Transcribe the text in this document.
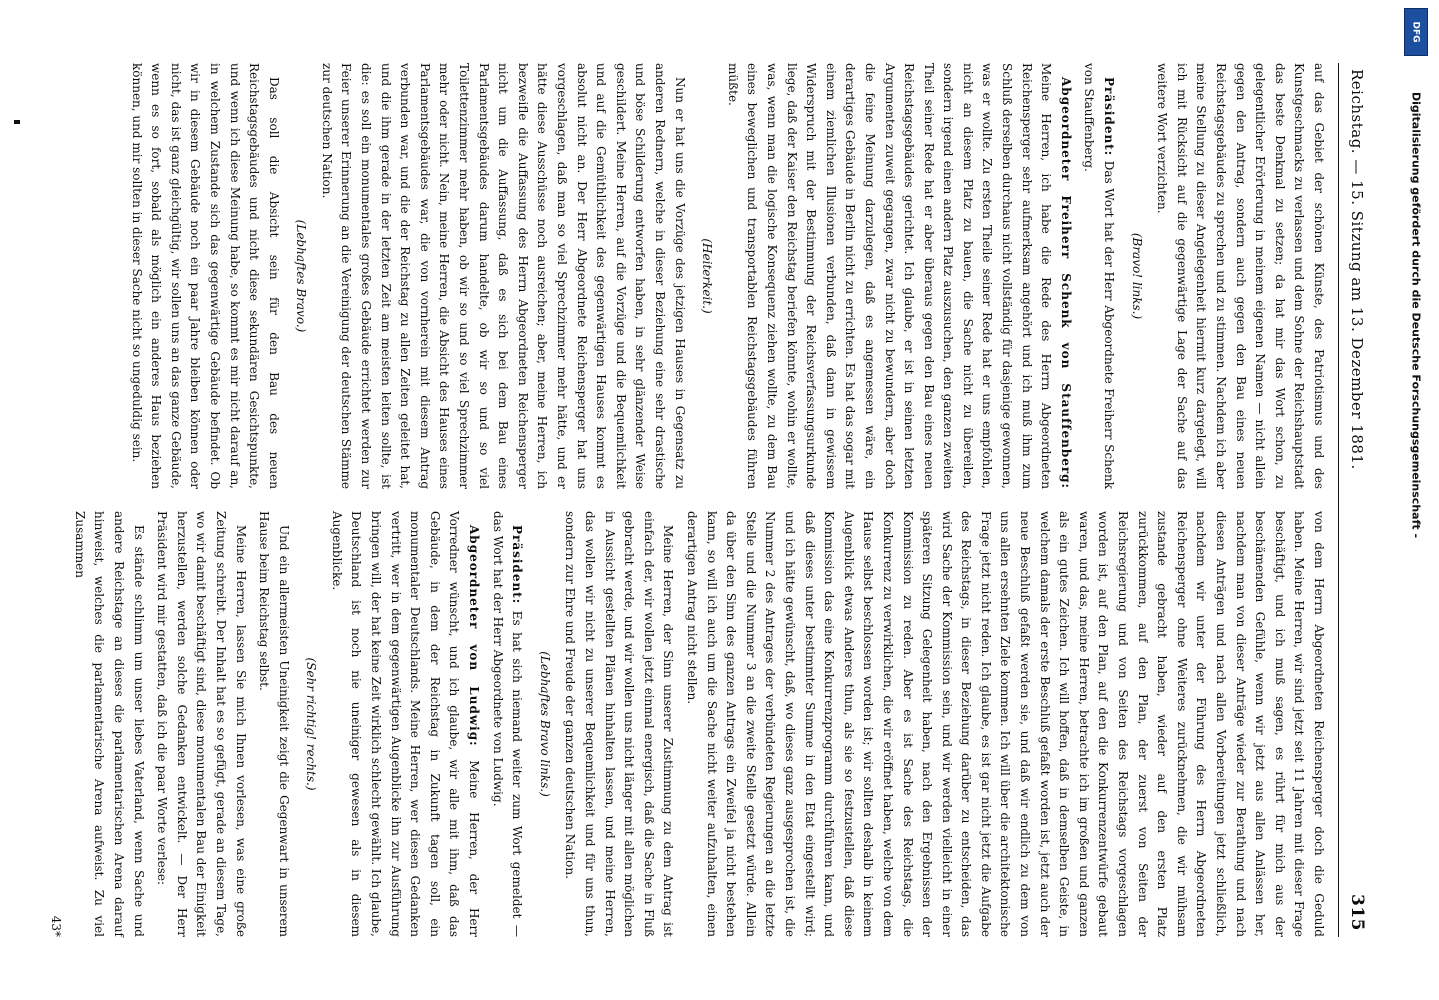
Reichstag. — 15. Sitzung am 13. Dezember 1881.
315

auf das Gebiet der schönen Künste, des Patriotismus und des Kunstgeschmacks zu verlassen und dem Sohne der Reichshauptstadt das beste Denkmal zu setzen; da hat mir das Wort schon, zu gelegentlicher Erörterung in meinem eigenen Namen — nicht allein gegen den Antrag, sondern auch gegen den Bau eines neuen Reichstagsgebäudes zu sprechen und zu stimmen. Nachdem ich aber meine Stellung zu dieser Angelegenheit hiermit kurz dargelegt, will ich mit Rücksicht auf die gegenwärtige Lage der Sache auf das weitere Wort verzichten.

(Bravo! links.)

Präsident: Das Wort hat der Herr Abgeordnete Freiherr Schenk von Stauffenberg.

Abgeordneter Freiherr Schenk von Stauffenberg: Meine Herren, ich habe die Rede des Herrn Abgeordneten Reichensperger sehr aufmerksam angehört und ich muß ihm zum Schluß derselben durchaus nicht vollständig für dasjenige gewonnen, was er wollte. Zu ersten Theile seiner Rede hat er uns empfohlen, nicht an diesem Platz zu bauen, die Sache nicht zu übereilen, sondern irgend einen andern Platz auszusuchen, den ganzen zweiten Theil seiner Rede hat er aber überaus gegen den Bau eines neuen Reichstagsgebäudes gerichtet. Ich glaube, er ist in seinen letzten Argumenten zuweit gegangen, zwar nicht zu bewundern, aber doch die feine Meinung darzulegen, daß es angemessen wäre, ein derartiges Gebäude in Berlin nicht zu errichten. Es hat das sogar mit einem ziemlichen Illusionen verbunden, daß dann in gewissem Widerspruch mit der Bestimmung der Reichsverfassungsurkunde liege, daß der Kaiser den Reichstag beriefen könnte, wohin er wollte, was, wenn man die logische Konsequenz ziehen wollte, zu dem Bau eines beweglichen und transportablen Reichstagsgebäudes führen müßte.

(Heiterkeit.)

Nun er hat uns die Vorzüge des jetzigen Hauses in Gegensatz zu anderen Rednern, welche in dieser Beziehung eine sehr drastische und böse Schilderung entworfen haben, in sehr glänzender Weise geschildert. Meine Herren, auf die Vorzüge und die Bequemlichkeit und auf die Gemüthlichkeit des gegenwärtigen Hauses kommt es absolut nicht an. Der Herr Abgeordnete Reichensperger hat uns vorgeschlagen, daß man so viel Sprechzimmer mehr hätte, und er hätte diese Ausschüsse noch ausreichen; aber, meine Herren, ich bezweifle die Auffassung des Herrn Abgeordneten Reichensperger nicht um die Auffassung, daß es sich bei dem Bau eines Parlamentsgebäudes darum handelte, ob wir so und so viel Toilettenzimmer mehr haben, ob wir so und so viel Sprechzimmer mehr oder nicht. Nein, meine Herren, die Absicht des Hauses eines Parlamentsgebäudes war, die von vornherein mit diesem Antrag verbunden war, und die der Reichstag zu allen Zeiten geleitet hat, und die ihm gerade in der letzten Zeit am meisten leiten sollte, ist die: es soll ein monumentales großes Gebäude errichtet werden zur Feier unserer Erinnerung an die Vereinigung der deutschen Stämme zur deutschen Nation.

(Lebhaftes Bravo.)

Das soll die Absicht sein für den Bau des neuen Reichstagsgebäudes und nicht diese sekundären Gesichtspunkte, und wenn ich diese Meinung habe, so kommt es mir nicht darauf an, in welchem Zustande sich das gegenwärtige Gebäude befindet. Ob wir in diesem Gebäude noch ein paar Jahre bleiben können oder nicht, das ist ganz gleichgültig, wir sollen uns an das ganze Gebäude, wenn es so fort, sobald als möglich ein anderes Haus beziehen können, und mir sollten in dieser Sache nicht so ungeduldig sein.

von dem Herrn Abgeordneten Reichensperger doch die Geduld haben. Meine Herren, wir sind jetzt seit 11 Jahren mit dieser Frage beschäftigt, und ich muß sagen, es rührt für mich aus der beschämenden Gefühle, wenn wir jetzt aus allen Anlässen her, nachdem man von dieser Anträge wieder zur Berathung und nach diesen Anträgen und nach allen Vorbereitungen jetzt schließlich, nachdem wir unter der Führung des Herrn Abgeordneten Reichensperger ohne Weiteres zurücknehmen, die wir mühsam zustande gebracht haben, wieder auf den ersten Platz zurückkommen, auf den Plan, der zuerst von Seiten der Reichsregierung und von Seiten des Reichstags vorgeschlagen worden ist, auf den Plan, auf den die Konkurrenzentwürfe gebaut waren, und das, meine Herren, betrachte ich im großen und ganzen als ein gutes Zeichen. Ich will hoffen, daß in demselben Geiste, in welchem damals der erste Beschluß gefaßt worden ist, jetzt auch der neue Beschluß gefaßt werden sie, und daß wir endlich zu dem von uns allen ersehnten Ziele kommen. Ich will über die architektonische Frage jetzt nicht reden. Ich glaube, es ist gar nicht jetzt die Aufgabe des Reichstags, in dieser Beziehung darüber zu entscheiden, das wird Sache der Kommission sein, und wir werden vielleicht in einer späteren Sitzung Gelegenheit haben, nach den Ergebnissen der Kommission zu reden. Aber es ist Sache des Reichstags, die Konkurrenz zu verwirklichen, die wir eröffnet haben, welche von dem Hause selbst beschlossen worden ist; wir sollten deshalb in keinem Augenblick etwas Anderes thun, als sie so festzustellen, daß diese Kommission das eine Konkurrenzprogramm durchführen kann, und daß dieses unter bestimmter Summe in den Etat eingestellt wird; und ich hätte gewünscht, daß, wo dieses ganz ausgesprochen ist, die Nummer 2 des Antrages der verbündeten Regierungen an die letzte Stelle und die Nummer 3 an die zweite Stelle gesetzt würde. Allein da über den Sinn des ganzen Antrags ein Zweifel ja nicht bestehen kann, so will ich auch um die Sache nicht weiter aufzuhalten, einen derartigen Antrag nicht stellen.

Meine Herren, der Sinn unserer Zustimmung zu dem Antrag ist einfach der, wir wollen jetzt einmal energisch, daß die Sache in Fluß gebracht werde, und wir wollen uns nicht länger mit allen möglichen in Aussicht gestellten Plänen hinhalten lassen, und meine Herren, das wollen wir nicht zu unserer Bequemlichkeit und für uns thun, sondern zur Ehre und Freude der ganzen deutschen Nation.

(Lebhaftes Bravo links.)

Präsident: Es hat sich niemand weiter zum Wort gemeldet — das Wort hat der Herr Abgeordnete von Ludwig.

Abgeordneter von Ludwig: Meine Herren, der Herr Vorredner wünscht, und ich glaube, wir alle mit ihm, daß das Gebäude, in dem der Reichstag in Zukunft tagen soll, ein monumentaler Deutschlands. Meine Herren, wer diesen Gedanken vertritt, wer in dem gegenwärtigen Augenblicke ihn zur Ausführung bringen will, der hat keine Zeit wirklich schlecht gewählt. Ich glaube, Deutschland ist noch nie uneiniger gewesen als in diesem Augenblicke.

(Sehr richtig! rechts.)

Und ein allermeisten Uneinigkeit zeigt die Gegenwart in unserem Hause beim Reichstag selbst.

Meine Herren, lassen Sie mich Ihnen vorlesen, was eine große Zeitung schreibt. Der Inhalt hat es so gefügt, gerade an diesem Tage, wo wir damit beschäftigt sind, diese monumentalen Bau der Einigkeit herzustellen, werden solche Gedanken entwickelt. — Der Herr Präsident wird mir gestatten, daß ich die paar Worte verlese:

Es stände schlimm um unser liebes Vaterland, wenn Sache und andere Reichstage an dieses die parlamentarischen Arena darauf hinweist, welches die parlamentarische Arena aufweist. Zu viel Zusammen

43*

DFG
Digitalisierung gefördert durch die Deutsche Forschungsgemeinschaft -
